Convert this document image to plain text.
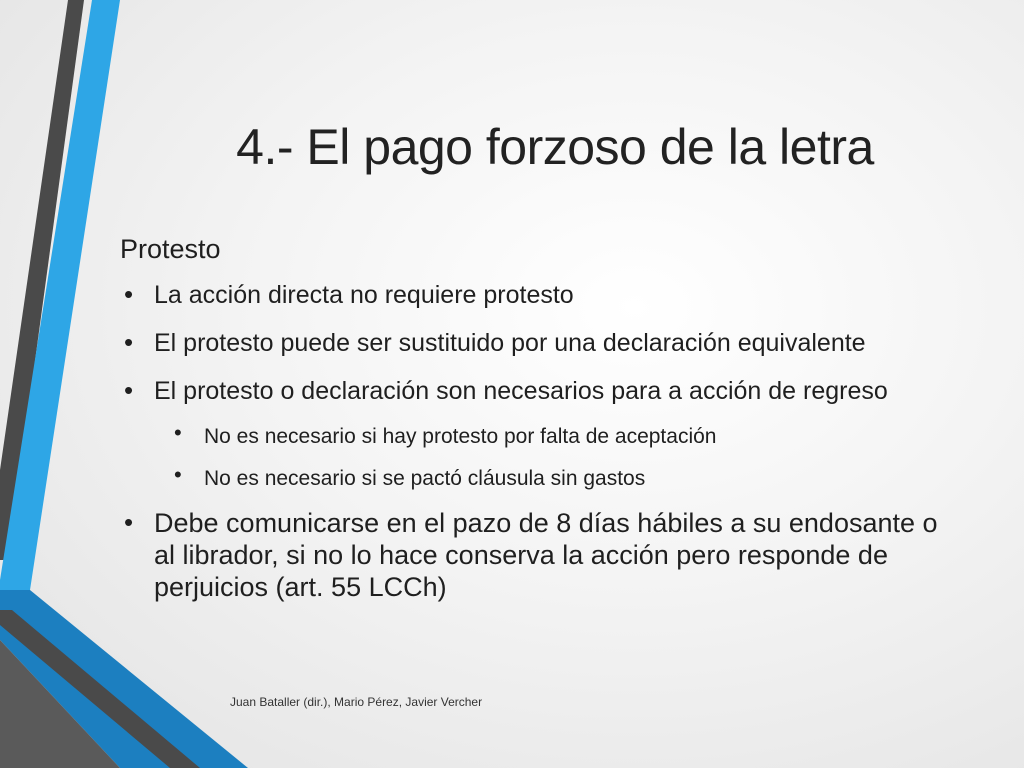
4.- El pago forzoso de la letra
Protesto
• La acción directa no requiere protesto
• El protesto puede ser sustituido por una declaración equivalente
• El protesto o declaración son necesarios para a acción de regreso
• No es necesario si hay protesto por falta de aceptación
• No es necesario si se pactó cláusula sin gastos
• Debe comunicarse en el pazo de 8 días hábiles a su endosante o al librador, si no lo hace conserva la acción pero responde de perjuicios (art. 55 LCCh)
Juan Bataller (dir.), Mario Pérez, Javier Vercher
